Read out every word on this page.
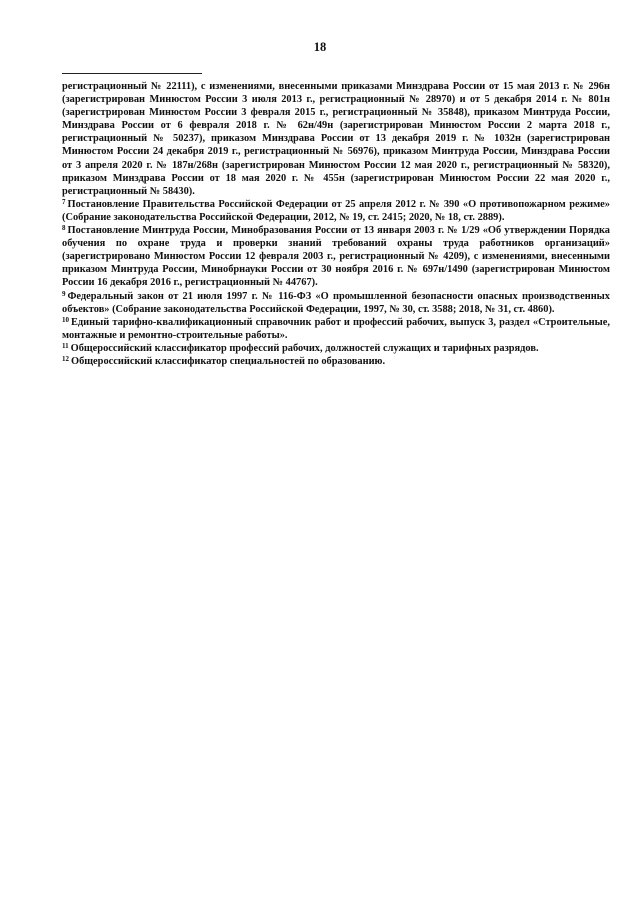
18

регистрационный № 22111), с изменениями, внесенными приказами Минздрава России от 15 мая 2013 г. № 296н (зарегистрирован Минюстом России 3 июля 2013 г., регистрационный № 28970) и от 5 декабря 2014 г. № 801н (зарегистрирован Минюстом России 3 февраля 2015 г., регистрационный № 35848), приказом Минтруда России, Минздрава России от 6 февраля 2018 г. № 62н/49н (зарегистрирован Минюстом России 2 марта 2018 г., регистрационный № 50237), приказом Минздрава России от 13 декабря 2019 г. № 1032н (зарегистрирован Минюстом России 24 декабря 2019 г., регистрационный № 56976), приказом Минтруда России, Минздрава России от 3 апреля 2020 г. № 187н/268н (зарегистрирован Минюстом России 12 мая 2020 г., регистрационный № 58320), приказом Минздрава России от 18 мая 2020 г. № 455н (зарегистрирован Минюстом России 22 мая 2020 г., регистрационный № 58430).

$^7$ Постановление Правительства Российской Федерации от 25 апреля 2012 г. № 390 «О противопожарном режиме» (Собрание законодательства Российской Федерации, 2012, № 19, ст. 2415; 2020, № 18, ст. 2889).

$^8$ Постановление Минтруда России, Минобразования России от 13 января 2003 г. № 1/29 «Об утверждении Порядка обучения по охране труда и проверки знаний требований охраны труда работников организаций» (зарегистрировано Минюстом России 12 февраля 2003 г., регистрационный № 4209), с изменениями, внесенными приказом Минтруда России, Минобрнауки России от 30 ноября 2016 г. № 697н/1490 (зарегистрирован Минюстом России 16 декабря 2016 г., регистрационный № 44767).

$^9$ Федеральный закон от 21 июля 1997 г. № 116-ФЗ «О промышленной безопасности опасных производственных объектов» (Собрание законодательства Российской Федерации, 1997, № 30, ст. 3588; 2018, № 31, ст. 4860).

$^{10}$ Единый тарифно-квалификационный справочник работ и профессий рабочих, выпуск 3, раздел «Строительные, монтажные и ремонтно-строительные работы».

$^{11}$ Общероссийский классификатор профессий рабочих, должностей служащих и тарифных разрядов.

$^{12}$ Общероссийский классификатор специальностей по образованию.
